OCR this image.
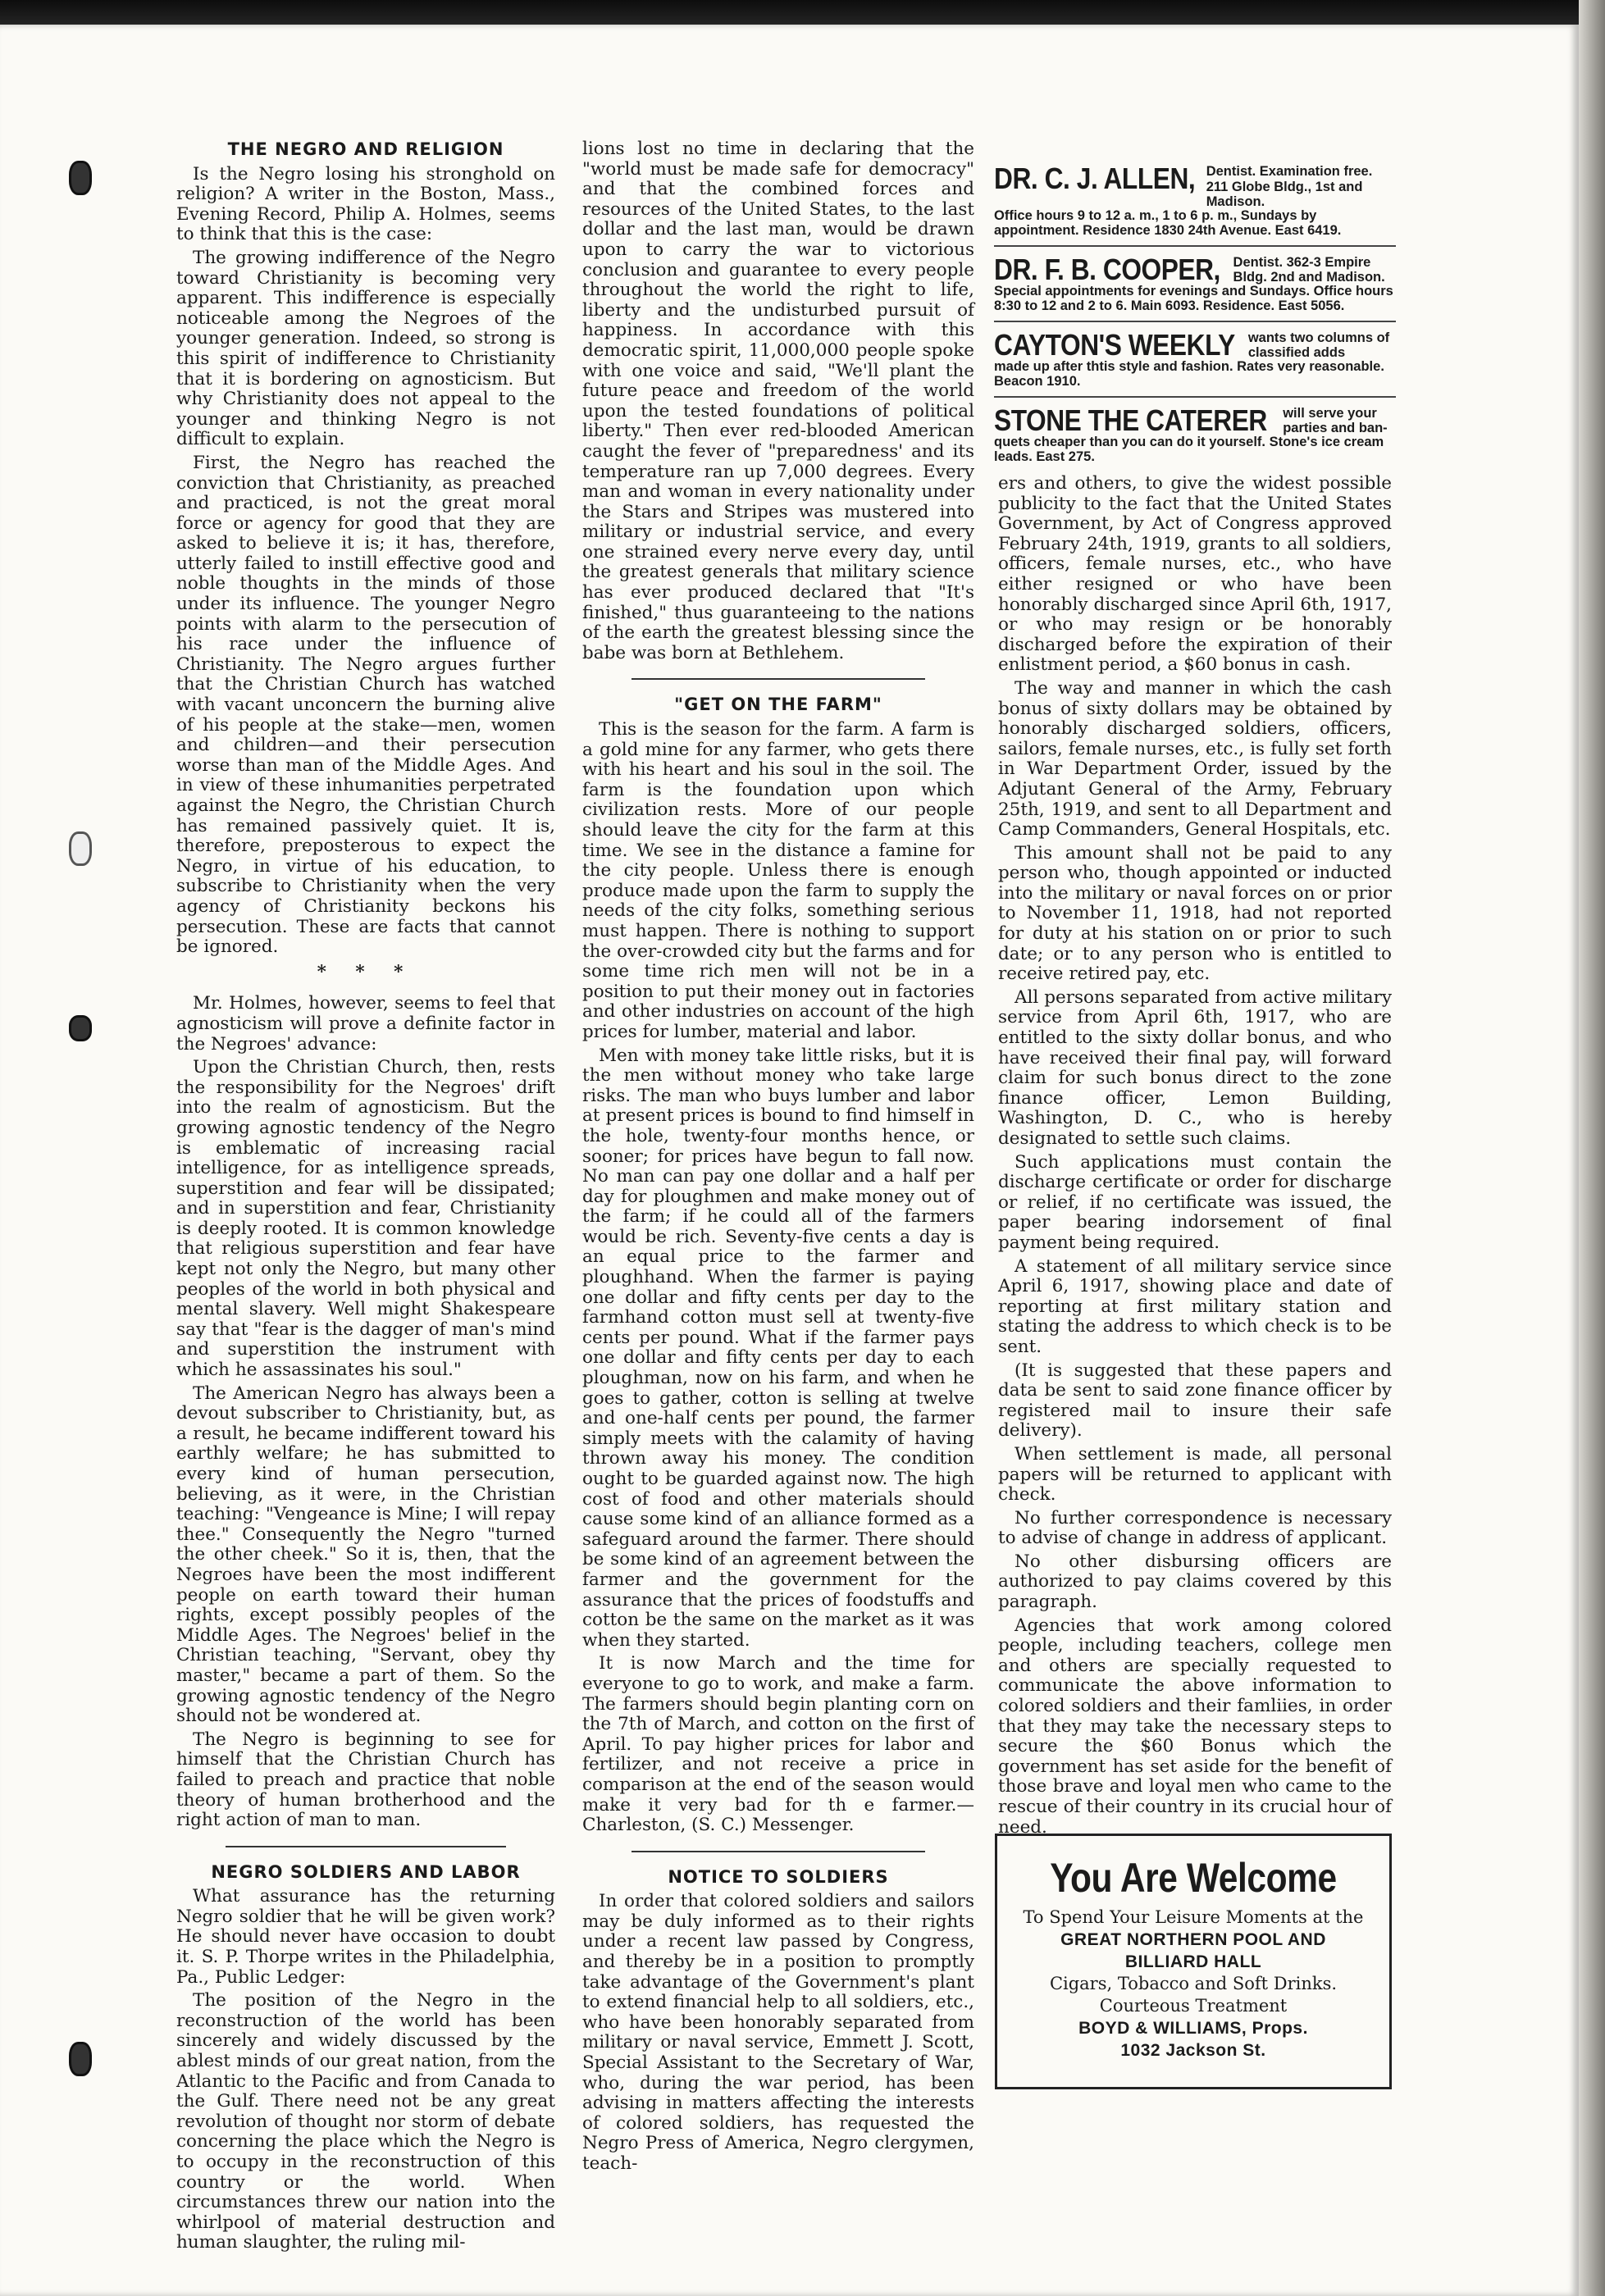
THE NEGRO AND RELIGION

Is the Negro losing his stronghold on religion? A writer in the Boston, Mass., Evening Record, Philip A. Holmes, seems to think that this is the case:

The growing indifference of the Negro toward Christianity is becoming very apparent. This indifference is especially noticeable among the Negroes of the younger generation. Indeed, so strong is this spirit of indifference to Christianity that it is bordering on agnosticism. But why Christianity does not appeal to the younger and thinking Negro is not difficult to explain.

First, the Negro has reached the conviction that Christianity, as preached and practiced, is not the great moral force or agency for good that they are asked to believe it is; it has, therefore, utterly failed to instill effective good and noble thoughts in the minds of those under its influence. The younger Negro points with alarm to the persecution of his race under the influence of Christianity. The Negro argues further that the Christian Church has watched with vacant unconcern the burning alive of his people at the stake—men, women and children—and their persecution worse than man of the Middle Ages. And in view of these inhumanities perpetrated against the Negro, the Christian Church has remained passively quiet. It is, therefore, preposterous to expect the Negro, in virtue of his education, to subscribe to Christianity when the very agency of Christianity beckons his persecution. These are facts that cannot be ignored.

* * *

Mr. Holmes, however, seems to feel that agnosticism will prove a definite factor in the Negroes' advance:

Upon the Christian Church, then, rests the responsibility for the Negroes' drift into the realm of agnosticism. But the growing agnostic tendency of the Negro is emblematic of increasing racial intelligence, for as intelligence spreads, superstition and fear will be dissipated; and in superstition and fear, Christianity is deeply rooted. It is common knowledge that religious superstition and fear have kept not only the Negro, but many other peoples of the world in both physical and mental slavery. Well might Shakespeare say that "fear is the dagger of man's mind and superstition the instrument with which he assassinates his soul."

The American Negro has always been a devout subscriber to Christianity, but, as a result, he became indifferent toward his earthly welfare; he has submitted to every kind of human persecution, believing, as it were, in the Christian teaching: "Vengeance is Mine; I will repay thee." Consequently the Negro "turned the other cheek." So it is, then, that the Negroes have been the most indifferent people on earth toward their human rights, except possibly peoples of the Middle Ages. The Negroes' belief in the Christian teaching, "Servant, obey thy master," became a part of them. So the growing agnostic tendency of the Negro should not be wondered at.

The Negro is beginning to see for himself that the Christian Church has failed to preach and practice that noble theory of human brotherhood and the right action of man to man.

NEGRO SOLDIERS AND LABOR

What assurance has the returning Negro soldier that he will be given work? He should never have occasion to doubt it. S. P. Thorpe writes in the Philadelphia, Pa., Public Ledger:

The position of the Negro in the reconstruction of the world has been sincerely and widely discussed by the ablest minds of our great nation, from the Atlantic to the Pacific and from Canada to the Gulf. There need not be any great revolution of thought nor storm of debate concerning the place which the Negro is to occupy in the reconstruction of this country or the world. When circumstances threw our nation into the whirlpool of material destruction and human slaughter, the ruling mil-

lions lost no time in declaring that the "world must be made safe for democracy" and that the combined forces and resources of the United States, to the last dollar and the last man, would be drawn upon to carry the war to victorious conclusion and guarantee to every people throughout the world the right to life, liberty and the undisturbed pursuit of happiness. In accordance with this democratic spirit, 11,000,000 people spoke with one voice and said, "We'll plant the future peace and freedom of the world upon the tested foundations of political liberty." Then ever red-blooded American caught the fever of "preparedness' and its temperature ran up 7,000 degrees. Every man and woman in every nationality under the Stars and Stripes was mustered into military or industrial service, and every one strained every nerve every day, until the greatest generals that military science has ever produced declared that "It's finished," thus guaranteeing to the nations of the earth the greatest blessing since the babe was born at Bethlehem.

"GET ON THE FARM"

This is the season for the farm. A farm is a gold mine for any farmer, who gets there with his heart and his soul in the soil. The farm is the foundation upon which civilization rests. More of our people should leave the city for the farm at this time. We see in the distance a famine for the city people. Unless there is enough produce made upon the farm to supply the needs of the city folks, something serious must happen. There is nothing to support the over-crowded city but the farms and for some time rich men will not be in a position to put their money out in factories and other industries on account of the high prices for lumber, material and labor.

Men with money take little risks, but it is the men without money who take large risks. The man who buys lumber and labor at present prices is bound to find himself in the hole, twenty-four months hence, or sooner; for prices have begun to fall now. No man can pay one dollar and a half per day for ploughmen and make money out of the farm; if he could all of the farmers would be rich. Seventy-five cents a day is an equal price to the farmer and ploughhand. When the farmer is paying one dollar and fifty cents per day to the farmhand cotton must sell at twenty-five cents per pound. What if the farmer pays one dollar and fifty cents per day to each ploughman, now on his farm, and when he goes to gather, cotton is selling at twelve and one-half cents per pound, the farmer simply meets with the calamity of having thrown away his money. The condition ought to be guarded against now. The high cost of food and other materials should cause some kind of an alliance formed as a safeguard around the farmer. There should be some kind of an agreement between the farmer and the government for the assurance that the prices of foodstuffs and cotton be the same on the market as it was when they started.

It is now March and the time for everyone to go to work, and make a farm. The farmers should begin planting corn on the 7th of March, and cotton on the first of April. To pay higher prices for labor and fertilizer, and not receive a price in comparison at the end of the season would make it very bad for th e farmer.—Charleston, (S. C.) Messenger.

NOTICE TO SOLDIERS

In order that colored soldiers and sailors may be duly informed as to their rights under a recent law passed by Congress, and thereby be in a position to promptly take advantage of the Government's plant to extend financial help to all soldiers, etc., who have been honorably separated from military or naval service, Emmett J. Scott, Special Assistant to the Secretary of War, who, during the war period, has been advising in matters affecting the interests of colored soldiers, has requested the Negro Press of America, Negro clergymen, teach-

DR. C. J. ALLEN, Dentist. Examination free. 211 Globe Bldg., 1st and Madison.
Office hours 9 to 12 a. m., 1 to 6 p. m., Sundays by appointment. Residence 1830 24th Avenue. East 6419.
DR. F. B. COOPER, Dentist. 362-3 Empire Bldg. 2nd and Madison.
Special appointments for evenings and Sundays. Office hours 8:30 to 12 and 2 to 6. Main 6093. Residence. East 5056.
CAYTON'S WEEKLY wants two columns of classified adds
made up after thtis style and fashion. Rates very reasonable. Beacon 1910.
STONE THE CATERER will serve your parties and ban-
quets cheaper than you can do it yourself. Stone's ice cream leads. East 275.

ers and others, to give the widest possible publicity to the fact that the United States Government, by Act of Congress approved February 24th, 1919, grants to all soldiers, officers, female nurses, etc., who have either resigned or who have been honorably discharged since April 6th, 1917, or who may resign or be honorably discharged before the expiration of their enlistment period, a $60 bonus in cash.

The way and manner in which the cash bonus of sixty dollars may be obtained by honorably discharged soldiers, officers, sailors, female nurses, etc., is fully set forth in War Department Order, issued by the Adjutant General of the Army, February 25th, 1919, and sent to all Department and Camp Commanders, General Hospitals, etc.

This amount shall not be paid to any person who, though appointed or inducted into the military or naval forces on or prior to November 11, 1918, had not reported for duty at his station on or prior to such date; or to any person who is entitled to receive retired pay, etc.

All persons separated from active military service from April 6th, 1917, who are entitled to the sixty dollar bonus, and who have received their final pay, will forward claim for such bonus direct to the zone finance officer, Lemon Building, Washington, D. C., who is hereby designated to settle such claims.

Such applications must contain the discharge certificate or order for discharge or relief, if no certificate was issued, the paper bearing indorsement of final payment being required.

A statement of all military service since April 6, 1917, showing place and date of reporting at first military station and stating the address to which check is to be sent.

(It is suggested that these papers and data be sent to said zone finance officer by registered mail to insure their safe delivery).

When settlement is made, all personal papers will be returned to applicant with check.

No further correspondence is necessary to advise of change in address of applicant.

No other disbursing officers are authorized to pay claims covered by this paragraph.

Agencies that work among colored people, including teachers, college men and others are specially requested to communicate the above information to colored soldiers and their famliies, in order that they may take the necessary steps to secure the $60 Bonus which the government has set aside for the benefit of those brave and loyal men who came to the rescue of their country in its crucial hour of need.

You Are Welcome
To Spend Your Leisure Moments at the
GREAT NORTHERN POOL AND
BILLIARD HALL
Cigars, Tobacco and Soft Drinks.
Courteous Treatment
BOYD & WILLIAMS, Props.
1032 Jackson St.
